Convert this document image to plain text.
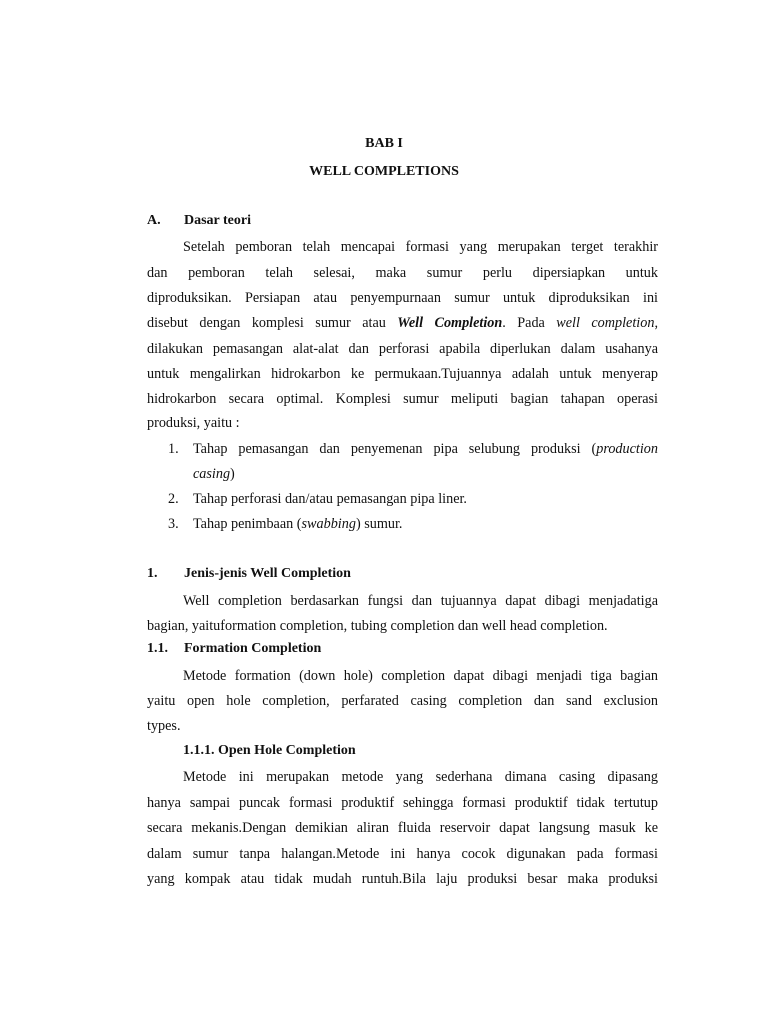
BAB I
WELL COMPLETIONS
A. Dasar teori
Setelah pemboran telah mencapai formasi yang merupakan terget terakhir
dan pemboran telah selesai, maka sumur perlu dipersiapkan untuk
diproduksikan. Persiapan atau penyempurnaan sumur untuk diproduksikan ini
disebut dengan komplesi sumur atau Well Completion. Pada well completion,
dilakukan pemasangan alat-alat dan perforasi apabila diperlukan dalam usahanya
untuk mengalirkan hidrokarbon ke permukaan.Tujuannya adalah untuk menyerap
hidrokarbon secara optimal. Komplesi sumur meliputi bagian tahapan operasi
produksi, yaitu :
1. Tahap pemasangan dan penyemenan pipa selubung produksi (production
casing)
2. Tahap perforasi dan/atau pemasangan pipa liner.
3. Tahap penimbaan (swabbing) sumur.
1. Jenis-jenis Well Completion
Well completion berdasarkan fungsi dan tujuannya dapat dibagi menjadatiga
bagian, yaituformation completion, tubing completion dan well head completion.
1.1. Formation Completion
Metode formation (down hole) completion dapat dibagi menjadi tiga bagian
yaitu open hole completion, perfarated casing completion dan sand exclusion
types.
1.1.1. Open Hole Completion
Metode ini merupakan metode yang sederhana dimana casing dipasang
hanya sampai puncak formasi produktif sehingga formasi produktif tidak tertutup
secara mekanis.Dengan demikian aliran fluida reservoir dapat langsung masuk ke
dalam sumur tanpa halangan.Metode ini hanya cocok digunakan pada formasi
yang kompak atau tidak mudah runtuh.Bila laju produksi besar maka produksi
